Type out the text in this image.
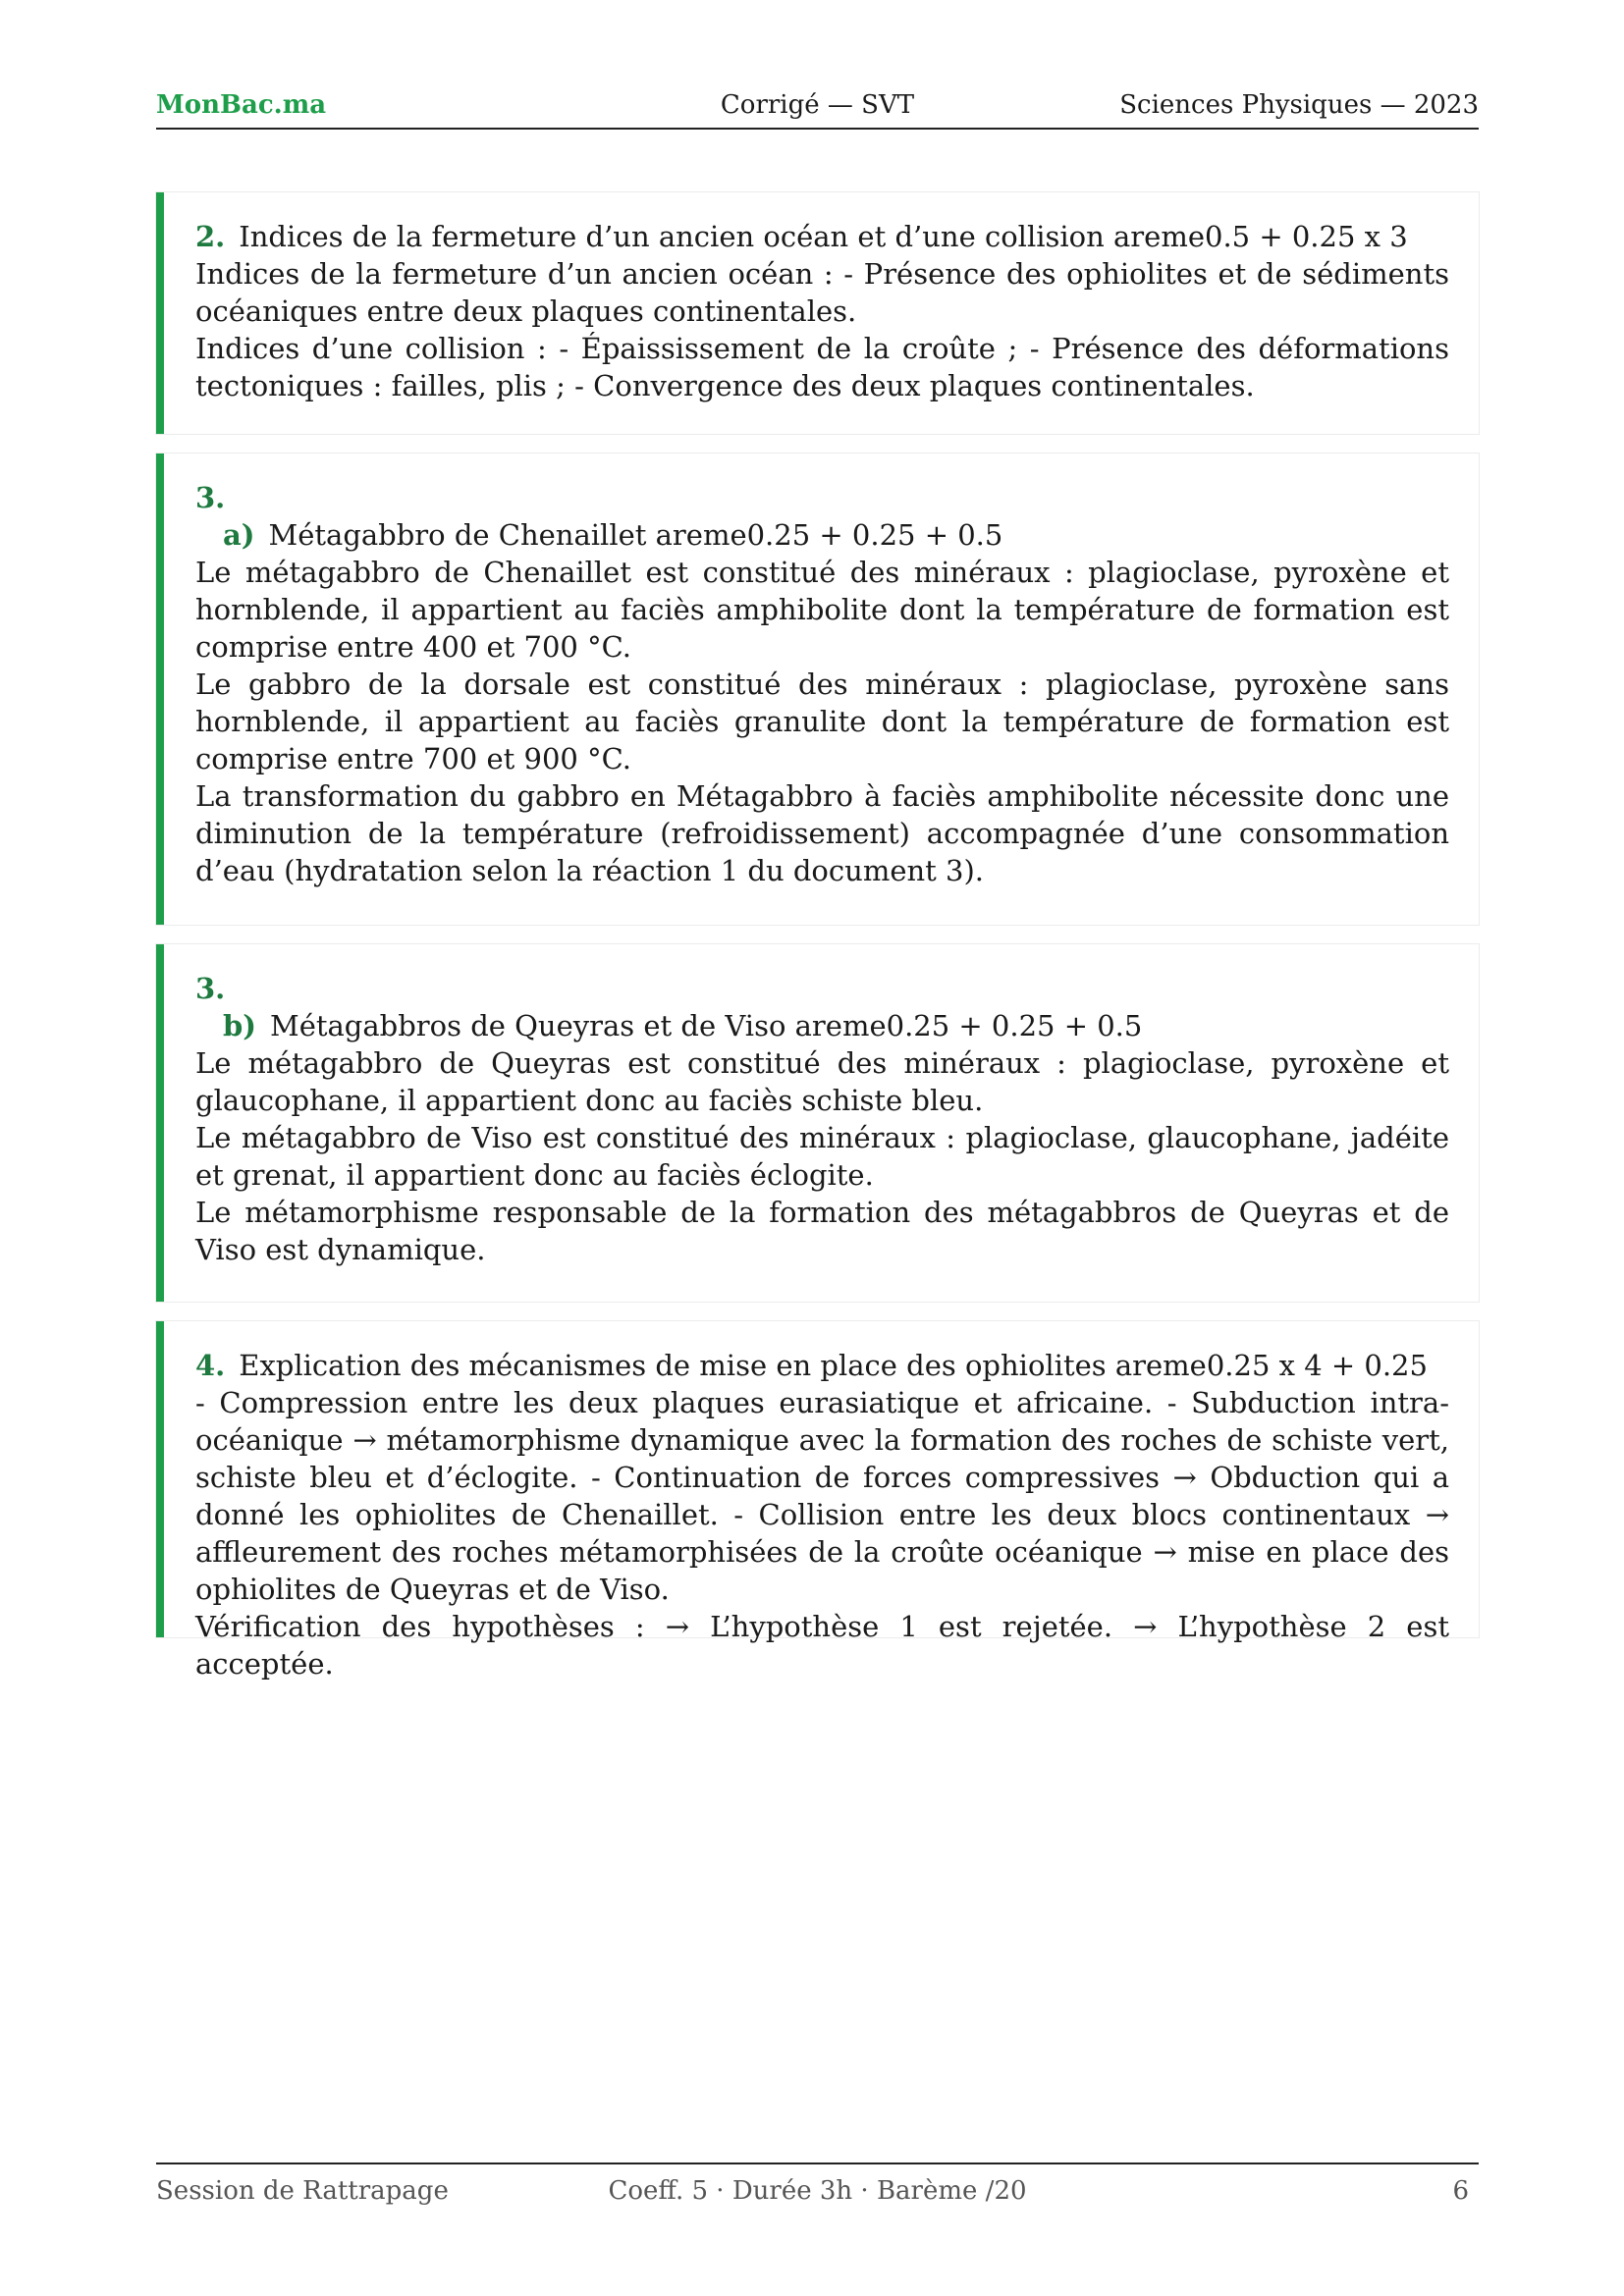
MonBac.ma	Corrigé — SVT	Sciences Physiques — 2023

2. Indices de la fermeture d’un ancien océan et d’une collision areme0.5 + 0.25 x 3

Indices de la fermeture d’un ancien océan : - Présence des ophiolites et de sédiments océaniques entre deux plaques continentales.

Indices d’une collision : - Épaississement de la croûte ; - Présence des déformations tectoniques : failles, plis ; - Convergence des deux plaques continentales.

3.

a) Métagabbro de Chenaillet areme0.25 + 0.25 + 0.5

Le métagabbro de Chenaillet est constitué des minéraux : plagioclase, pyroxène et hornblende, il appartient au faciès amphibolite dont la température de formation est comprise entre 400 et 700 °C.

Le gabbro de la dorsale est constitué des minéraux : plagioclase, pyroxène sans hornblende, il appartient au faciès granulite dont la température de formation est comprise entre 700 et 900 °C.

La transformation du gabbro en Métagabbro à faciès amphibolite nécessite donc une diminution de la température (refroidissement) accompagnée d’une consommation d’eau (hydratation selon la réaction 1 du document 3).

3.

b) Métagabbros de Queyras et de Viso areme0.25 + 0.25 + 0.5

Le métagabbro de Queyras est constitué des minéraux : plagioclase, pyroxène et glaucophane, il appartient donc au faciès schiste bleu.

Le métagabbro de Viso est constitué des minéraux : plagioclase, glaucophane, jadéite et grenat, il appartient donc au faciès éclogite.

Le métamorphisme responsable de la formation des métagabbros de Queyras et de Viso est dynamique.

4. Explication des mécanismes de mise en place des ophiolites areme0.25 x 4 + 0.25

- Compression entre les deux plaques eurasiatique et africaine. - Subduction intra-océanique → métamorphisme dynamique avec la formation des roches de schiste vert, schiste bleu et d’éclogite. - Continuation de forces compressives → Obduction qui a donné les ophiolites de Chenaillet. - Collision entre les deux blocs continentaux → affleurement des roches métamorphisées de la croûte océanique → mise en place des ophiolites de Queyras et de Viso.

Vérification des hypothèses : → L’hypothèse 1 est rejetée. → L’hypothèse 2 est acceptée.

Session de Rattrapage	Coeff. 5 · Durée 3h · Barème /20	6
